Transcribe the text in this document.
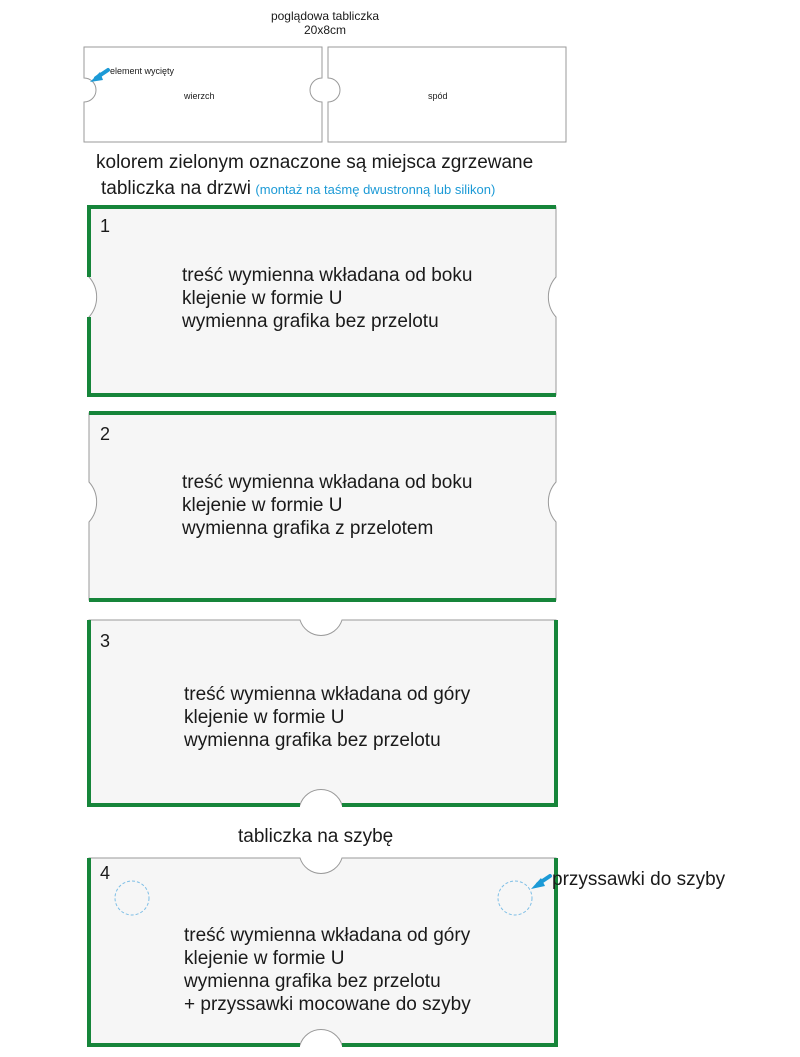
poglądowa tabliczka
20x8cm
element wycięty
wierzch	spód
kolorem zielonym oznaczone są miejsca zgrzewane
tabliczka na drzwi (montaż na taśmę dwustronną lub silikon)
1
treść wymienna wkładana od boku
klejenie w formie U
wymienna grafika bez przelotu
2
treść wymienna wkładana od boku
klejenie w formie U
wymienna grafika z przelotem
3
treść wymienna wkładana od góry
klejenie w formie U
wymienna grafika bez przelotu
tabliczka na szybę
4
treść wymienna wkładana od góry
klejenie w formie U
wymienna grafika bez przelotu
+ przyssawki mocowane do szyby
przyssawki do szyby
